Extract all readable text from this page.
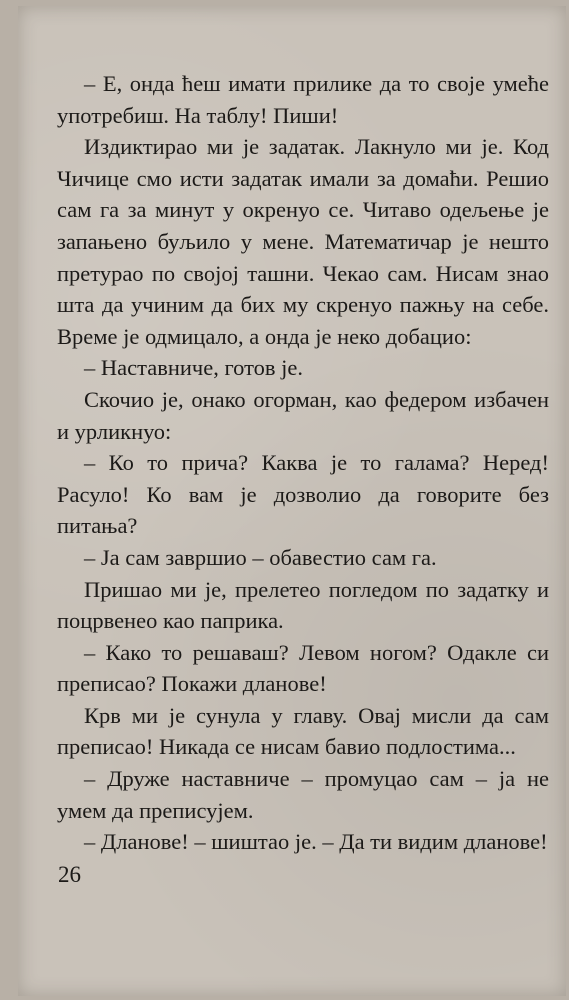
– Е, онда ћеш имати прилике да то своје умеће употребиш. На таблу! Пиши!

Издиктирао ми је задатак. Лакнуло ми је. Код Чичице смо исти задатак имали за домаћи. Решио сам га за минут у окренуо се. Читаво одељење је запањено буљило у мене. Математичар је нешто претурао по својој ташни. Чекао сам. Нисам знао шта да учиним да бих му скренуо пажњу на себе. Време је одмицало, а онда је неко добацио:

– Наставниче, готов је.

Скочио је, онако огорман, као федером избачен и урликнуо:

– Ко то прича? Каква је то галама? Неред! Расуло! Ко вам је дозволио да говорите без питања?

– Ја сам завршио – обавестио сам га.

Пришао ми је, прелетео погледом по задатку и поцрвенео као паприка.

– Како то решаваш? Левом ногом? Одакле си преписао? Покажи дланове!

Крв ми је сунула у главу. Овај мисли да сам преписао! Никада се нисам бавио подлостима...

– Друже наставниче – промуцао сам – ја не умем да преписујем.

– Дланове! – шиштао је. – Да ти видим дланове!

26
